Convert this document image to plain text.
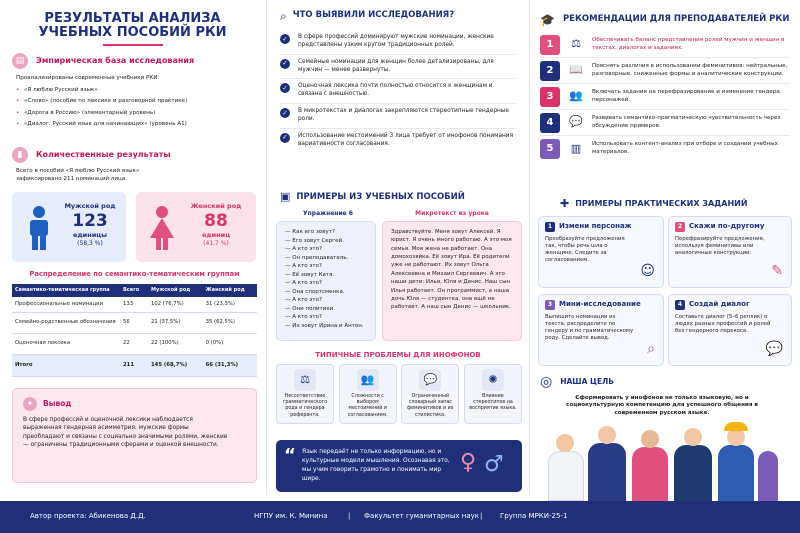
РЕЗУЛЬТАТЫ АНАЛИЗА
УЧЕБНЫХ ПОСОБИЙ РКИ
▤	Эмпирическая база исследования
Проанализированы современные учебники РКИ:
• «Я люблю Русский язык»
• «Слово» (пособие по лексике и разговорной практике)
• «Дорога в Россию» (элементарный уровень)
• «Диалог. Русский язык для начинающих» (уровень А1)
▮	Количественные результаты
Всего в пособии «Я люблю Русский язык» зафиксировано 211 номинаций лица.
Мужской род
123
единицы
(58,3 %)
Женский род
88
единиц
(41,7 %)
Распределение по семантико-тематическим группам
Семантико-тематическая группа	Всего	Мужской род	Женский род
Профессиональные номинации	133	102 (76,7%)	31 (23,3%)
Семейно-родственные обозначения	56	21 (37,5%)	35 (62,5%)
Оценочная лексика	22	22 (100%)	0 (0%)
Итого	211	145 (68,7%)	66 (31,3%)
✦	Вывод
В сфере профессий и оценочной лексики наблюдается выраженная гендерная асимметрия: мужские формы преобладают и связаны с социально значимыми ролями, женские — ограничены традиционными сферами и оценкой внешности.
⌕ ЧТО ВЫЯВИЛИ ИССЛЕДОВАНИЯ?
✓	В сфере профессий доминируют мужские номинации, женские представлены узким кругом традиционных ролей.
✓	Семейные номинации для женщин более детализированы, для мужчин — менее развернуты.
✓	Оценочная лексика почти полностью относится к женщинам и связана с внешностью.
✓	В микротекстах и диалогах закрепляются стереотипные гендерные роли.
✓	Использование местоимений 3 лица требует от инофонов понимания вариативности согласования.
▣ ПРИМЕРЫ ИЗ УЧЕБНЫХ ПОСОБИЙ
Упражнение 6
— Как его зовут?
— Его зовут Сергей.
— А кто это?
— Он преподаватель.
— А кто это?
— Её зовут Катя.
— А кто это?
— Она спортсменка.
— А кто это?
— Они политики.
— А кто это?
— Их зовут Ирина и Антон.
Микротекст из урока
Здравствуйте. Меня зовут Алексей. Я юрист. Я очень много работаю. А это моя семья. Моя жена не работает. Она домохозяйка. Её зовут Ира. Её родители уже не работают. Их зовут Ольга Алексеевна и Михаил Сергеевич. А это наши дети: Илья, Юля и Денис. Наш сын Илья работает. Он программист, а наша дочь Юля — студентка, она ещё не работает. А наш сын Денис — школьник.
ТИПИЧНЫЕ ПРОБЛЕМЫ ДЛЯ ИНОФОНОВ
⚖
Несоответствие грамматического рода и гендера референта.
👥
Сложности с выбором местоимений и согласованием.
💬
Ограниченный словарный запас феминитивов и их стилистика.
✺
Влияние стереотипов на восприятие языка.
“ Язык передаёт не только информацию, но и культурные модели мышления. Осознавая это, мы учим говорить грамотно и понимать мир шире.
♀ ♂
🎓 РЕКОМЕНДАЦИИ ДЛЯ ПРЕПОДАВАТЕЛЕЙ РКИ
1	⚖	Обеспечивать баланс представления ролей мужчин и женщин в текстах, диалогах и заданиях.
2	📖	Пояснять различия в использовании феминитивов: нейтральные, разговорные, сниженные формы и аналитические конструкции.
3	👥	Включать задания на перефразирование и изменение гендера персонажей.
4	💬	Развивать семантико-прагматическую чувствительность через обсуждение примеров.
5	▥	Использовать контент-анализ при отборе и создании учебных материалов.
✚ ПРИМЕРЫ ПРАКТИЧЕСКИХ ЗАДАНИЙ
1 Измени персонаж
Преобразуйте предложения так, чтобы речь шла о женщине. Следите за согласованием.
☺
2 Скажи по-другому
Перефразируйте предложения, используя феминитивы или аналогичные конструкции.
✎
3 Мини-исследование
Выпишите номинации из текста, распределите по гендеру и по грамматическому роду. Сделайте вывод.
⌕
4 Создай диалог
Составьте диалог (5–6 реплик) о людях разных профессий и ролей без гендерного перекоса.
💬
◎ НАША ЦЕЛЬ
Сформировать у инофонов не только языковую, но и социокультурную компетенцию для успешного общения в современном русском языке.
Автор проекта: Абикенова Д.Д.	НГПУ им. К. Минина	| Факультет гуманитарных наук |	Группа МРКИ-25-1
